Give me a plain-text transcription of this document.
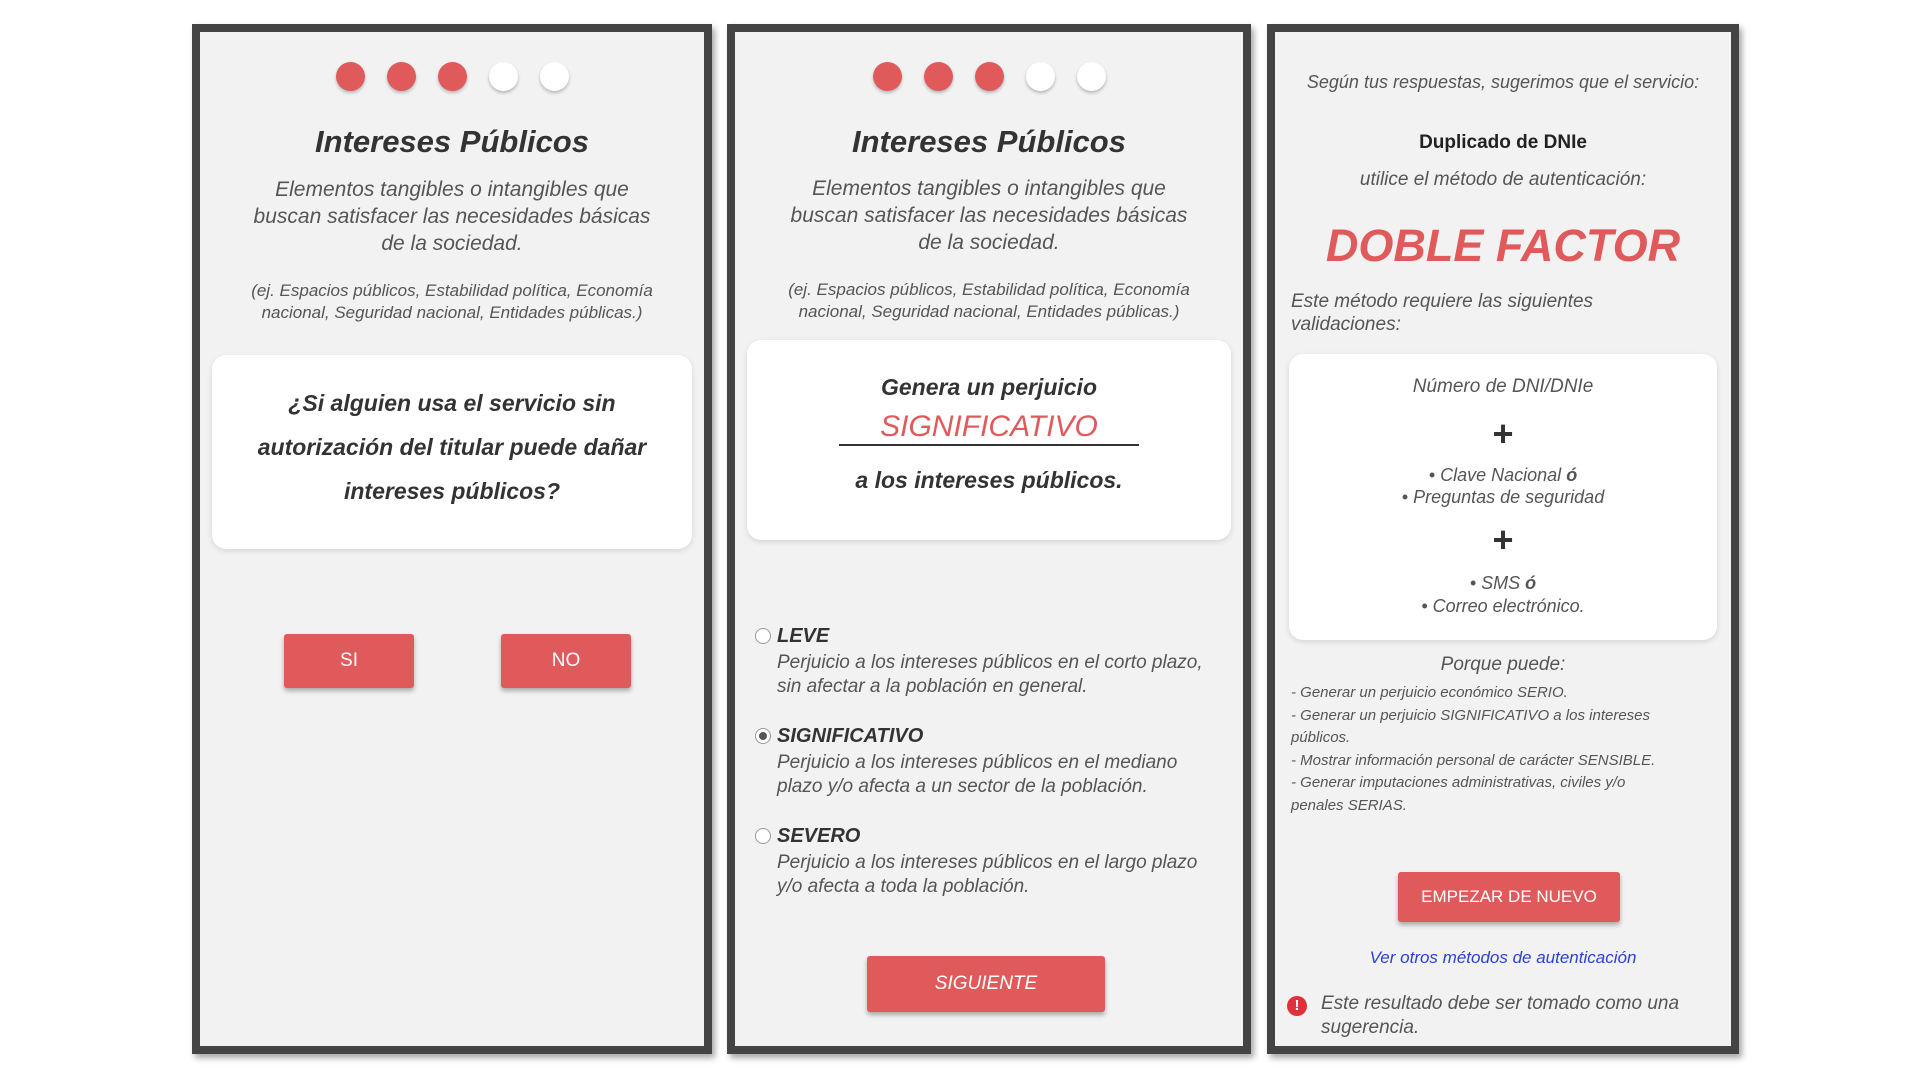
Intereses Públicos
Elementos tangibles o intangibles que
buscan satisfacer las necesidades básicas
de la sociedad.
(ej. Espacios públicos, Estabilidad política, Economía
nacional, Seguridad nacional, Entidades públicas.)
¿Si alguien usa el servicio sin
autorización del titular puede dañar
intereses públicos?
SI	NO
Intereses Públicos
Elementos tangibles o intangibles que
buscan satisfacer las necesidades básicas
de la sociedad.
(ej. Espacios públicos, Estabilidad política, Economía
nacional, Seguridad nacional, Entidades públicas.)
Genera un perjuicio
SIGNIFICATIVO
a los intereses públicos.
LEVE
Perjuicio a los intereses públicos en el corto plazo,
sin afectar a la población en general.
SIGNIFICATIVO
Perjuicio a los intereses públicos en el mediano
plazo y/o afecta a un sector de la población.
SEVERO
Perjuicio a los intereses públicos en el largo plazo
y/o afecta a toda la población.
SIGUIENTE
Según tus respuestas, sugerimos que el servicio:
Duplicado de DNIe
utilice el método de autenticación:
DOBLE FACTOR
Este método requiere las siguientes
validaciones:
Número de DNI/DNIe
+
• Clave Nacional ó
• Preguntas de seguridad
+
• SMS ó
• Correo electrónico.
Porque puede:
- Generar un perjuicio económico SERIO.
- Generar un perjuicio SIGNIFICATIVO a los intereses
públicos.
- Mostrar información personal de carácter SENSIBLE.
- Generar imputaciones administrativas, civiles y/o
penales SERIAS.
EMPEZAR DE NUEVO
Ver otros métodos de autenticación
!	Este resultado debe ser tomado como una
sugerencia.
